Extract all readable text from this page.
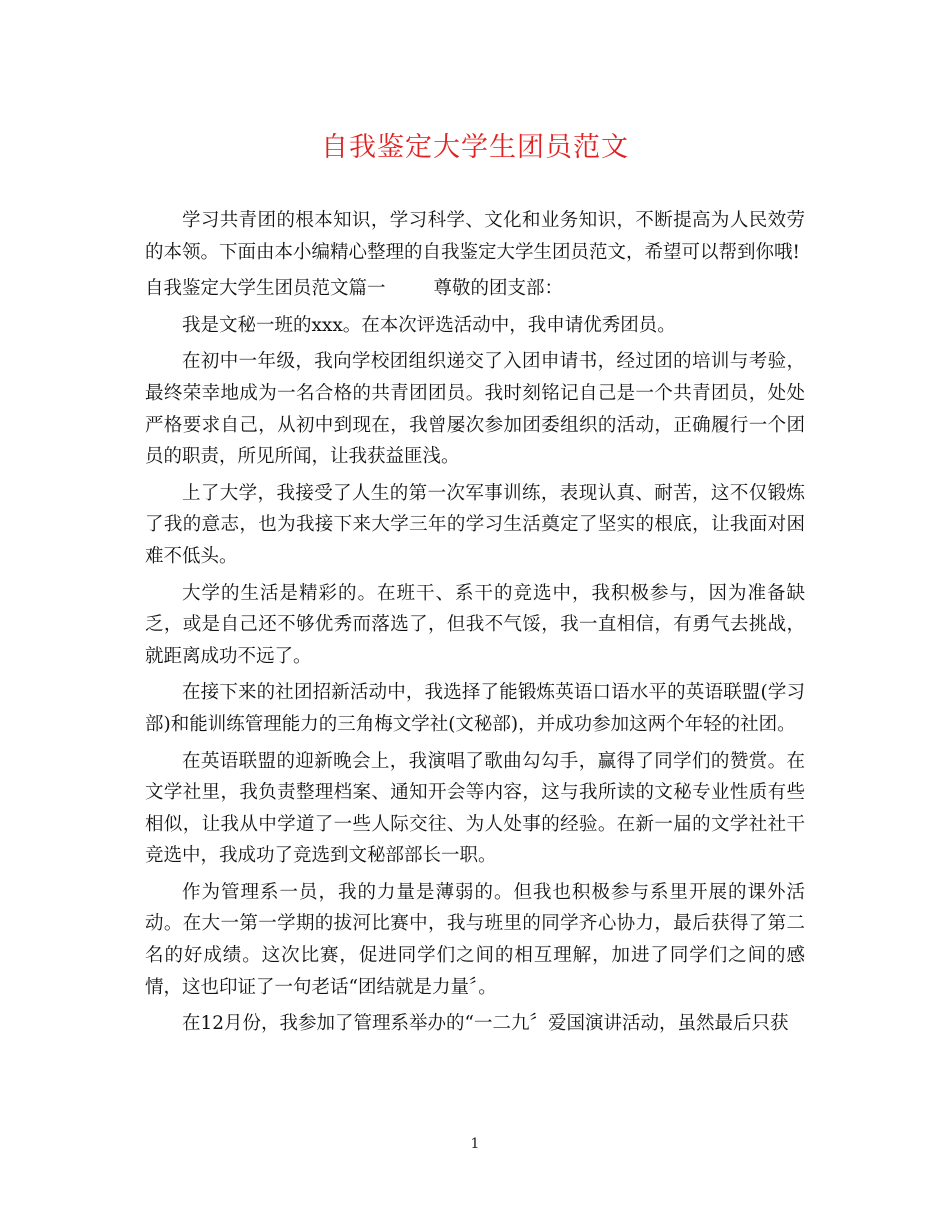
自我鉴定大学生团员范文

学习共青团的根本知识，学习科学、文化和业务知识，不断提高为人民效劳的本领。下面由本小编精心整理的自我鉴定大学生团员范文，希望可以帮到你哦!

自我鉴定大学生团员范文篇一	尊敬的团支部：

我是文秘一班的xxx。在本次评选活动中，我申请优秀团员。

在初中一年级，我向学校团组织递交了入团申请书，经过团的培训与考验，最终荣幸地成为一名合格的共青团团员。我时刻铭记自己是一个共青团员，处处严格要求自己，从初中到现在，我曾屡次参加团委组织的活动，正确履行一个团员的职责，所见所闻，让我获益匪浅。

上了大学，我接受了人生的第一次军事训练，表现认真、耐苦，这不仅锻炼了我的意志，也为我接下来大学三年的学习生活奠定了坚实的根底，让我面对困难不低头。

大学的生活是精彩的。在班干、系干的竞选中，我积极参与，因为准备缺乏，或是自己还不够优秀而落选了，但我不气馁，我一直相信，有勇气去挑战，就距离成功不远了。

在接下来的社团招新活动中，我选择了能锻炼英语口语水平的英语联盟(学习部)和能训练管理能力的三角梅文学社(文秘部)，并成功参加这两个年轻的社团。

在英语联盟的迎新晚会上，我演唱了歌曲勾勾手，赢得了同学们的赞赏。在文学社里，我负责整理档案、通知开会等内容，这与我所读的文秘专业性质有些相似，让我从中学道了一些人际交往、为人处事的经验。在新一届的文学社社干竞选中，我成功了竞选到文秘部部长一职。

作为管理系一员，我的力量是薄弱的。但我也积极参与系里开展的课外活动。在大一第一学期的拔河比赛中，我与班里的同学齐心协力，最后获得了第二名的好成绩。这次比赛，促进同学们之间的相互理解，加进了同学们之间的感情，这也印证了一句老话“团结就是力量〞。

在12月份，我参加了管理系举办的“一二九〞爱国演讲活动，虽然最后只获

1
